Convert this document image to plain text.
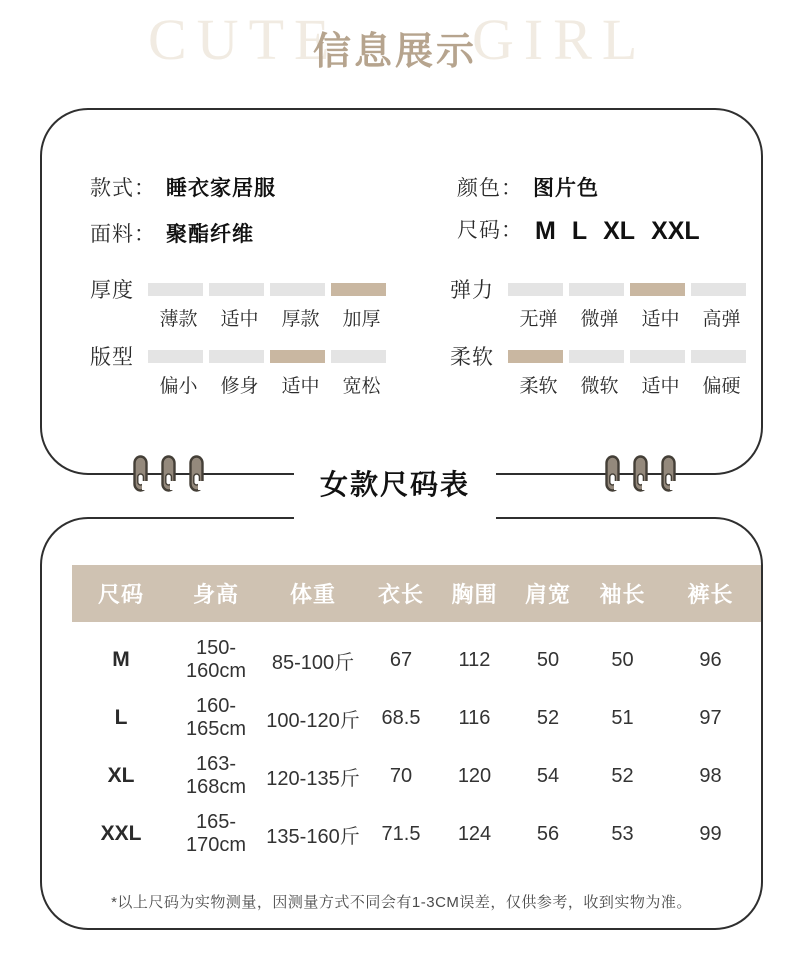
CUTE GIRL
信息展示
款式： 睡衣家居服
面料： 聚酯纤维
颜色： 图片色
尺码： M L XL XXL
厚度
薄款	适中	厚款	加厚
版型
偏小	修身	适中	宽松
弹力
无弹	微弹	适中	高弹
柔软
柔软	微软	适中	偏硬
女款尺码表
尺码	身高	体重	衣长	胸围	肩宽	袖长	裤长
M	150-160cm	85-100斤	67	112	50	50	96
L	160-165cm	100-120斤	68.5	116	52	51	97
XL	163-168cm	120-135斤	70	120	54	52	98
XXL	165-170cm	135-160斤	71.5	124	56	53	99
*以上尺码为实物测量，因测量方式不同会有1-3CM误差，仅供参考，收到实物为准。
